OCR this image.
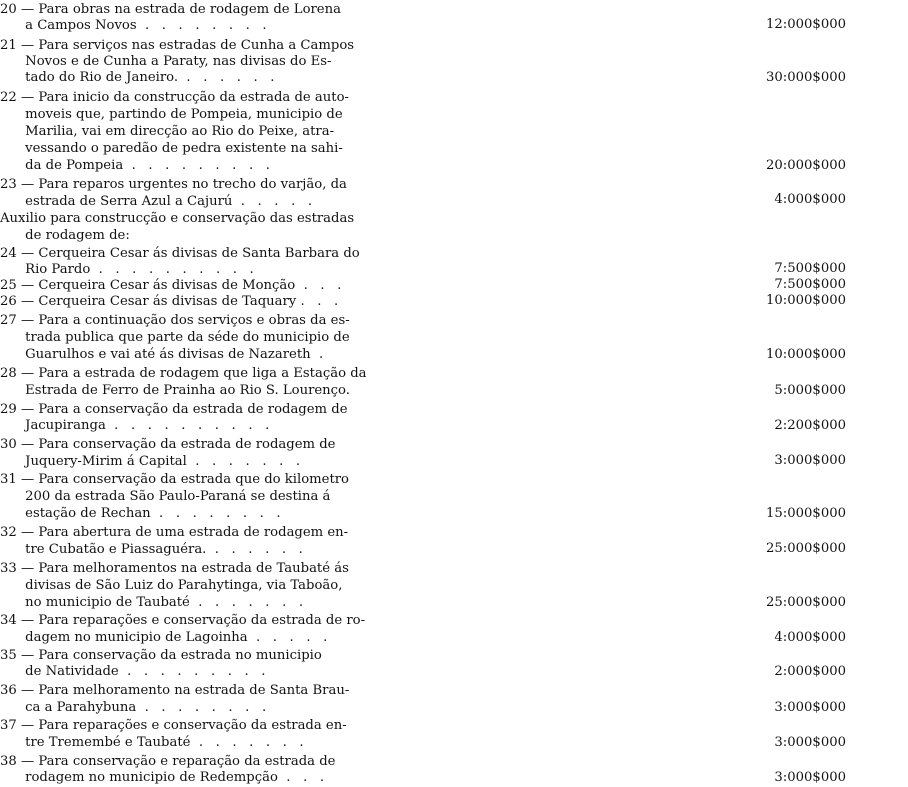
20 — Para obras na estrada de rodagem de Lorena
a Campos Novos  .   .   .   .   .   .   .   .	12:000$000
21 — Para serviços nas estradas de Cunha a Campos
Novos e de Cunha a Paraty, nas divisas do Es-
tado do Rio de Janeiro.  .   .   .   .   .   .	30:000$000
22 — Para inicio da construcção da estrada de auto-
moveis que, partindo de Pompeia, municipio de
Marilia, vai em direcção ao Rio do Peixe, atra-
vessando o paredão de pedra existente na sahi-
da de Pompeia  .   .   .   .   .   .   .   .   .	20:000$000
23 — Para reparos urgentes no trecho do varjão, da
estrada de Serra Azul a Cajurú  .   .   .   .   .	4:000$000
Auxilio para construcção e conservação das estradas
de rodagem de:
24 — Cerqueira Cesar ás divisas de Santa Barbara do
Rio Pardo  .   .   .   .   .   .   .   .   .   .	7:500$000
25 — Cerqueira Cesar ás divisas de Monção  .   .   .	7:500$000
26 — Cerqueira Cesar ás divisas de Taquary .   .   .	10:000$000
27 — Para a continuação dos serviços e obras da es-
trada publica que parte da séde do municipio de
Guarulhos e vai até ás divisas de Nazareth  .	10:000$000
28 — Para a estrada de rodagem que liga a Estação da
Estrada de Ferro de Prainha ao Rio S. Lourenço.	5:000$000
29 — Para a conservação da estrada de rodagem de
Jacupiranga  .   .   .   .   .   .   .   .   .   .	2:200$000
30 — Para conservação da estrada de rodagem de
Juquery-Mirim á Capital  .   .   .   .   .   .   .	3:000$000
31 — Para conservação da estrada que do kilometro
200 da estrada São Paulo-Paraná se destina á
estação de Rechan  .   .   .   .   .   .   .   .	15:000$000
32 — Para abertura de uma estrada de rodagem en-
tre Cubatão e Piassaguéra.  .   .   .   .   .   .	25:000$000
33 — Para melhoramentos na estrada de Taubaté ás
divisas de São Luiz do Parahytinga, via Taboão,
no municipio de Taubaté  .   .   .   .   .   .   .	25:000$000
34 — Para reparações e conservação da estrada de ro-
dagem no municipio de Lagoinha  .   .   .   .   .	4:000$000
35 — Para conservação da estrada no municipio
de Natividade  .   .   .   .   .   .   .   .   .	2:000$000
36 — Para melhoramento na estrada de Santa Brau-
ca a Parahybuna  .   .   .   .   .   .   .   .	3:000$000
37 — Para reparações e conservação da estrada en-
tre Tremembé e Taubaté  .   .   .   .   .   .   .	3:000$000
38 — Para conservação e reparação da estrada de
rodagem no municipio de Redempção  .   .   .	3:000$000
